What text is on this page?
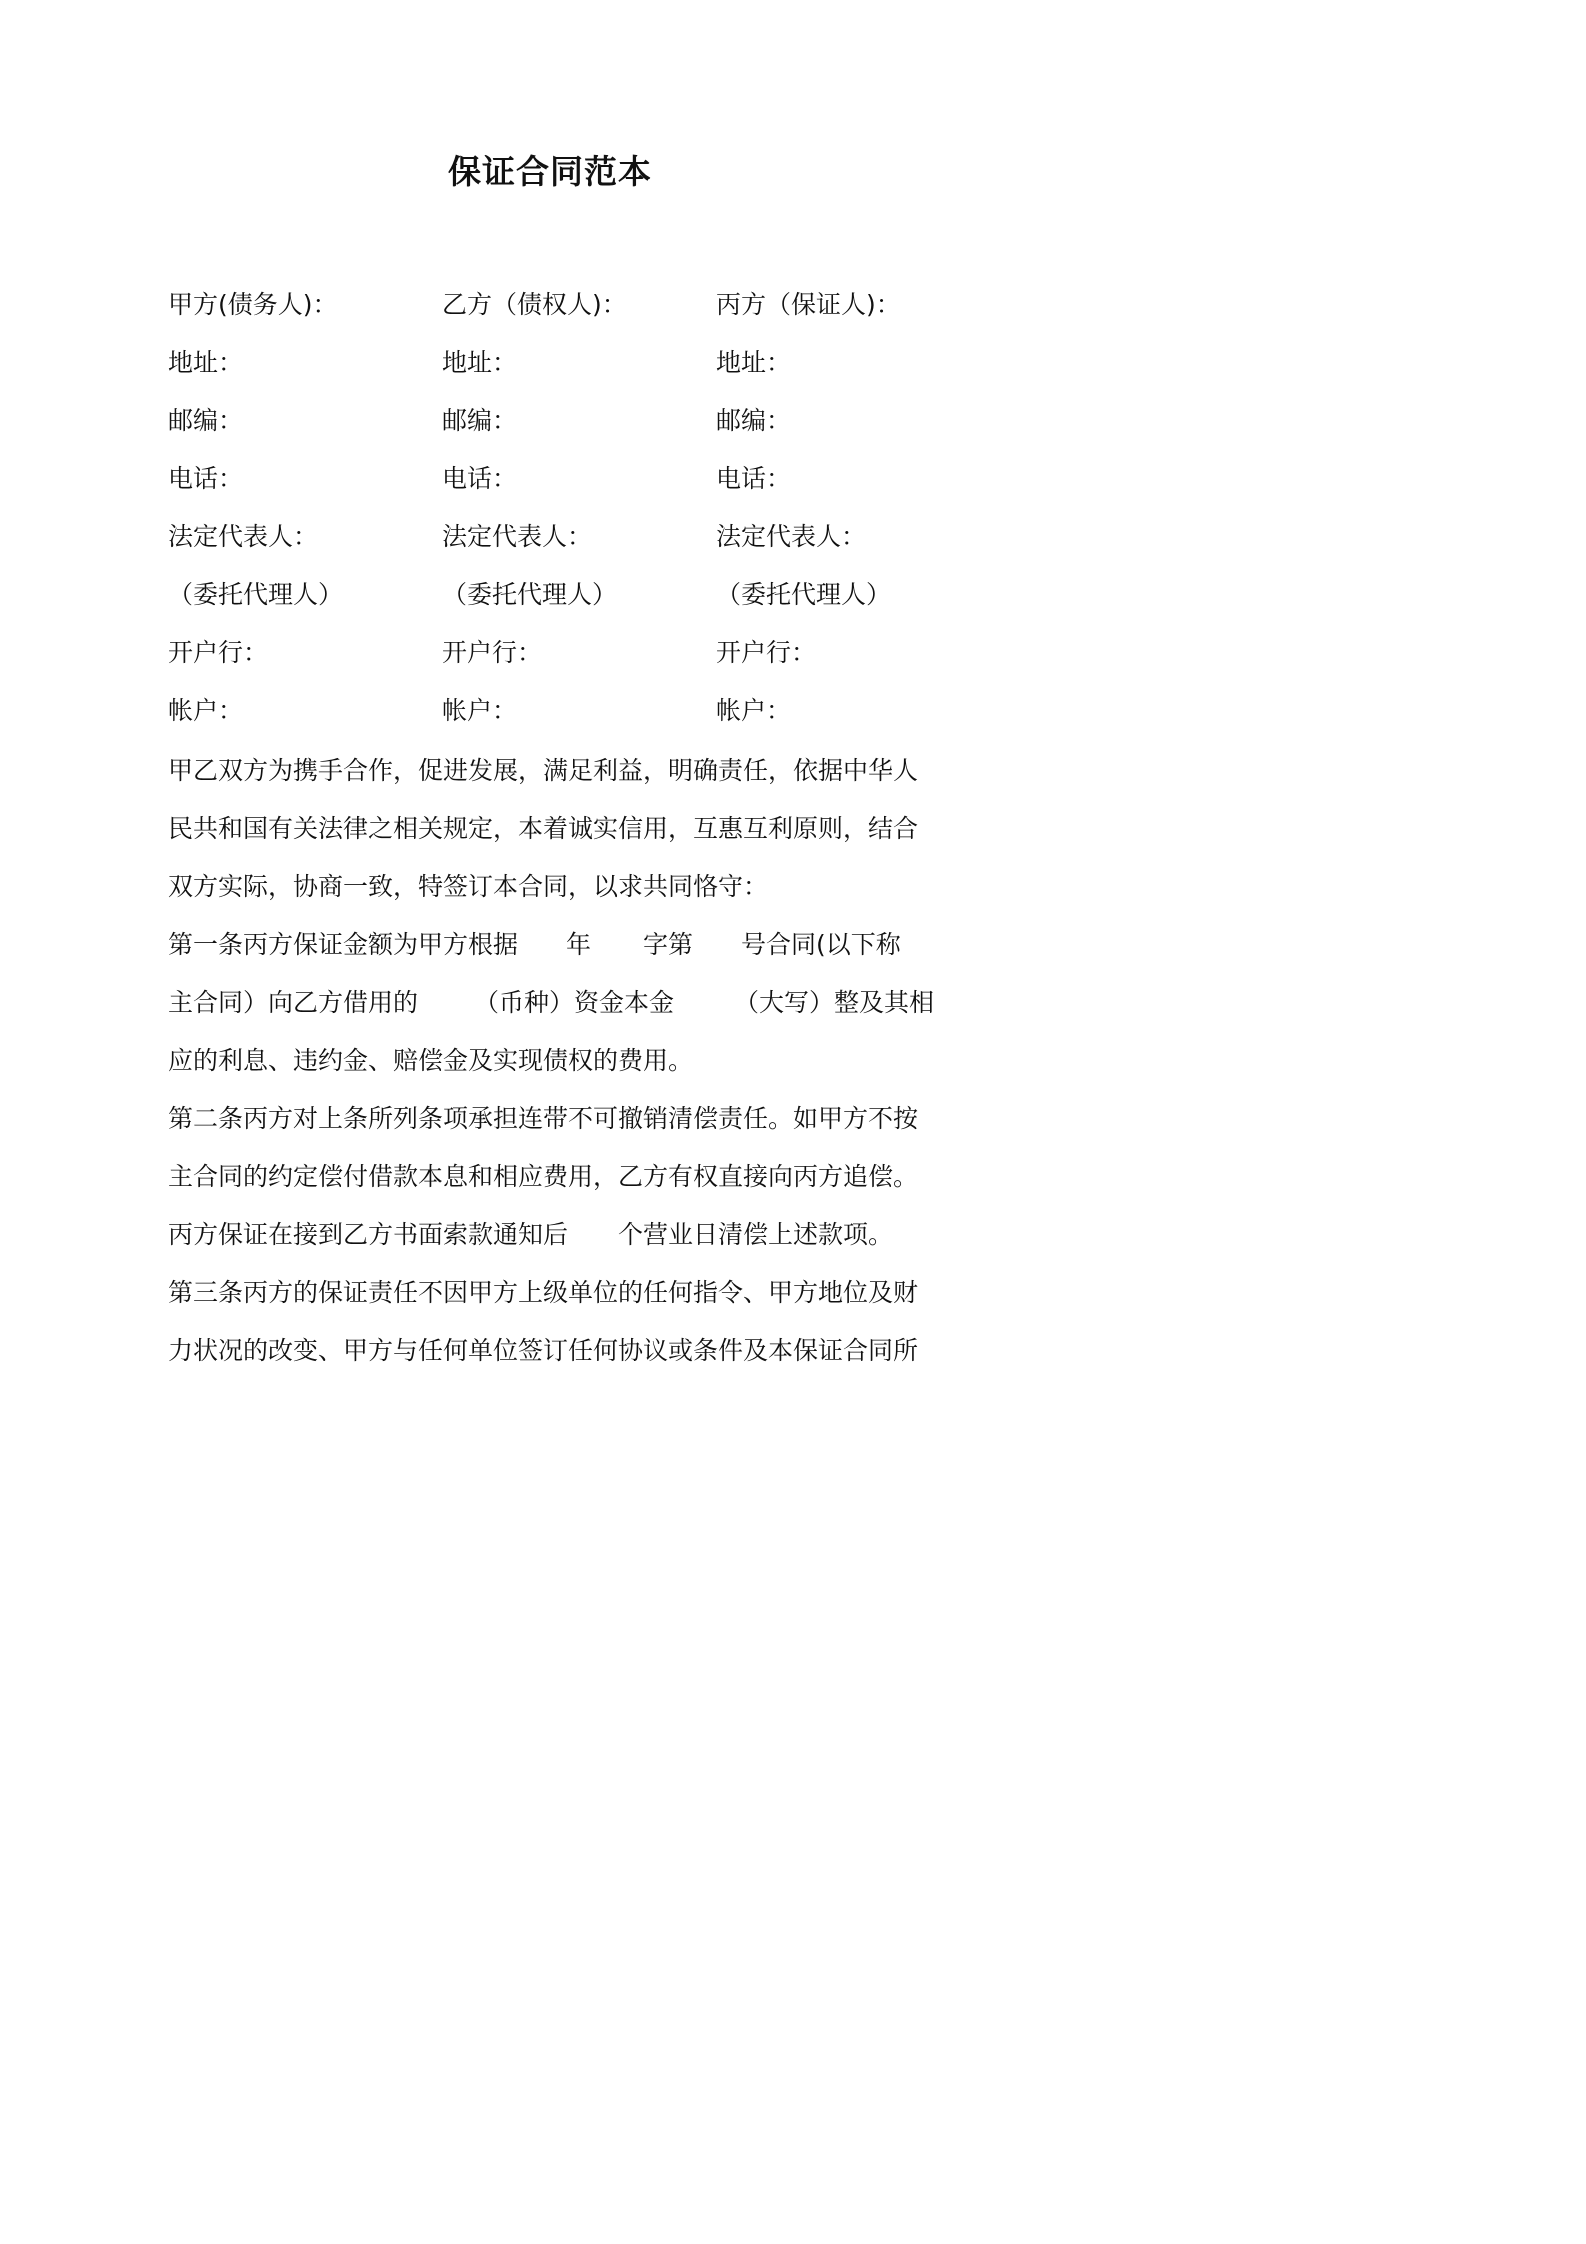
保证合同范本
甲方(债务人)：	乙方（债权人)：	丙方（保证人)：
地址：	地址：	地址：
邮编：	邮编：	邮编：
电话：	电话：	电话：
法定代表人：	法定代表人：	法定代表人：
（委托代理人）	（委托代理人）	（委托代理人）
开户行：	开户行：	开户行：
帐户：	帐户：	帐户：
甲乙双方为携手合作，促进发展，满足利益，明确责任，依据中华人
民共和国有关法律之相关规定，本着诚实信用，互惠互利原则，结合
双方实际，协商一致，特签订本合同，以求共同恪守：
第一条丙方保证金额为甲方根据 年 字第 号合同(以下称
主合同）向乙方借用的 （币种）资金本金 （大写）整及其相
应的利息、违约金、赔偿金及实现债权的费用。
第二条丙方对上条所列条项承担连带不可撤销清偿责任。如甲方不按
主合同的约定偿付借款本息和相应费用，乙方有权直接向丙方追偿。
丙方保证在接到乙方书面索款通知后 个营业日清偿上述款项。
第三条丙方的保证责任不因甲方上级单位的任何指令、甲方地位及财
力状况的改变、甲方与任何单位签订任何协议或条件及本保证合同所
